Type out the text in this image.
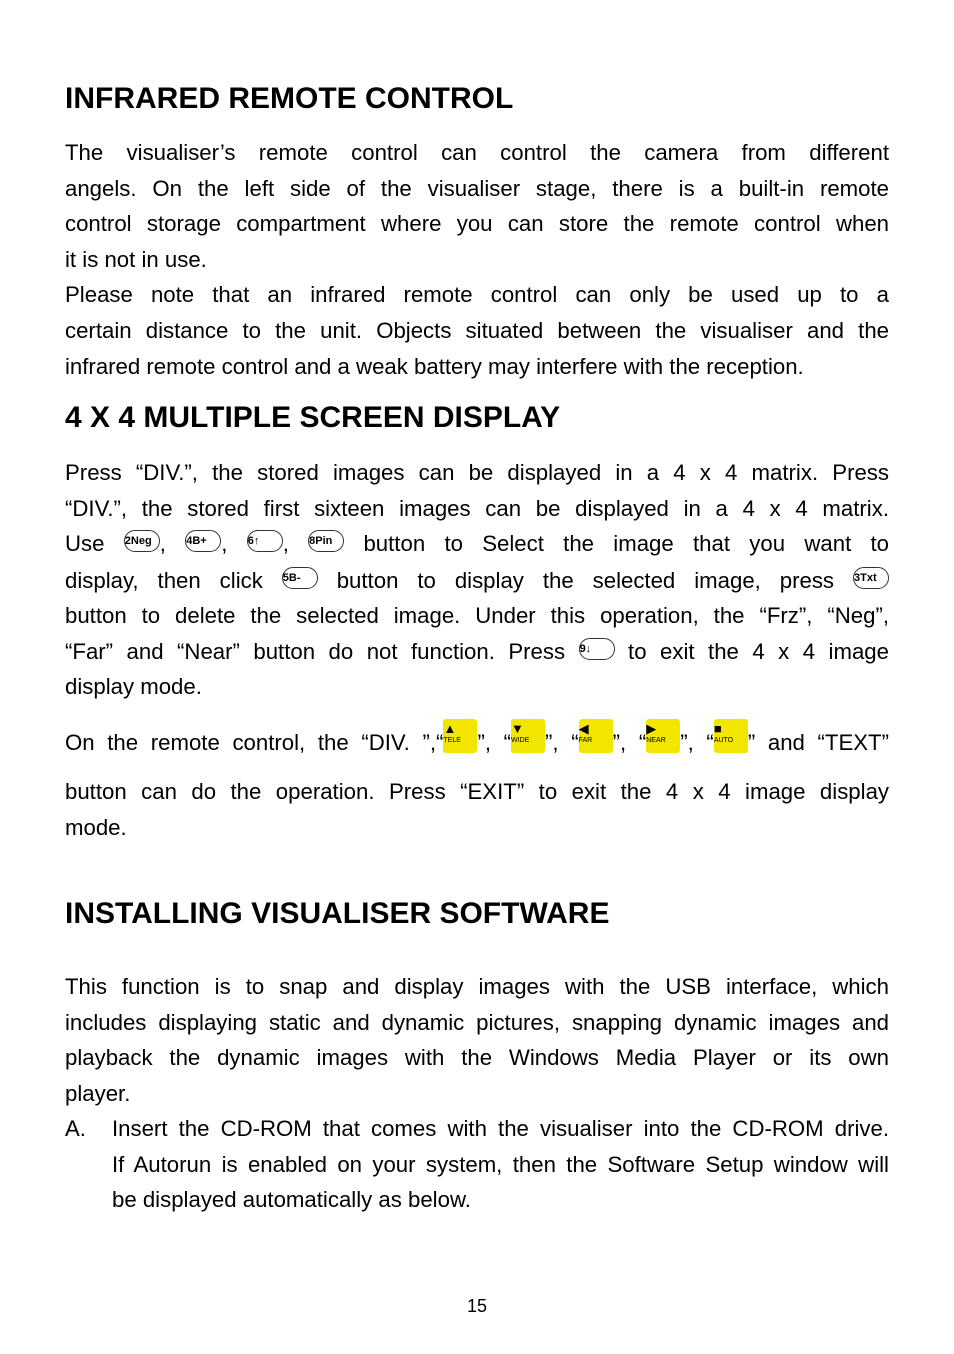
INFRARED REMOTE CONTROL
The visualiser’s remote control can control the camera from different
angels. On the left side of the visualiser stage, there is a built-in remote
control storage compartment where you can store the remote control when
it is not in use.
Please note that an infrared remote control can only be used up to a
certain distance to the unit. Objects situated between the visualiser and the
infrared remote control and a weak battery may interfere with the reception.
4 X 4 MULTIPLE SCREEN DISPLAY
Press “DIV.”, the stored images can be displayed in a 4 x 4 matrix. Press
“DIV.”, the stored first sixteen images can be displayed in a 4 x 4 matrix.
Use 2Neg , 4B+ , 6↑ , 8Pin button to Select the image that you want to
display, then click 5B- button to display the selected image, press 3Txt
button to delete the selected image. Under this operation, the “Frz”, “Neg”,
“Far” and “Near” button do not function. Press 9↓ to exit the 4 x 4 image
display mode.
On the remote control, the “DIV. ”,“
▲
TELE ”, “
▼
WIDE ”, “
◀
FAR ”, “
▶
NEAR ”, “
■
AUTO ” and “TEXT”
button can do the operation. Press “EXIT” to exit the 4 x 4 image display
mode.
INSTALLING VISUALISER SOFTWARE
This function is to snap and display images with the USB interface, which
includes displaying static and dynamic pictures, snapping dynamic images and
playback the dynamic images with the Windows Media Player or its own
player.
A. Insert the CD-ROM that comes with the visualiser into the CD-ROM drive.
If Autorun is enabled on your system, then the Software Setup window will
be displayed automatically as below.
15
